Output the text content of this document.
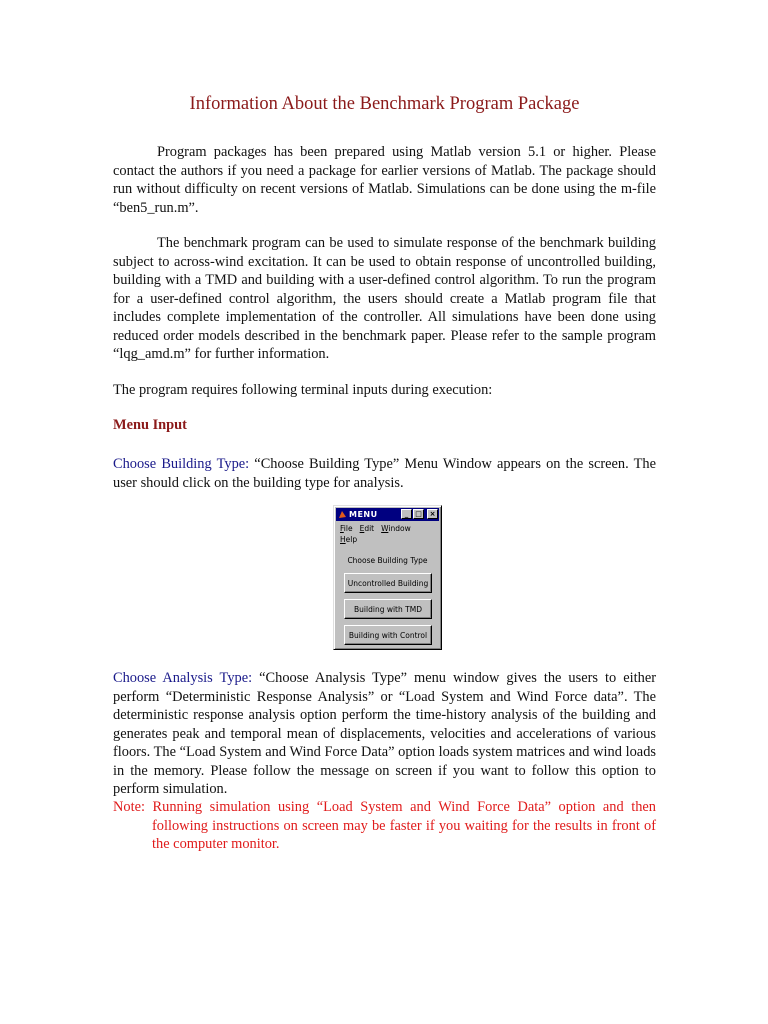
Information About the Benchmark Program Package

Program packages has been prepared using Matlab version 5.1 or higher. Please contact the authors if you need a package for earlier versions of Matlab. The package should run without difficulty on recent versions of Matlab. Simulations can be done using the m-file “ben5_run.m”.

The benchmark program can be used to simulate response of the benchmark building subject to across-wind excitation. It can be used to obtain response of uncontrolled building, building with a TMD and building with a user-defined control algorithm. To run the program for a user-defined control algorithm, the users should create a Matlab program file that includes complete implementation of the controller. All simulations have been done using reduced order models described in the benchmark paper. Please refer to the sample program “lqg_amd.m” for further information.

The program requires following terminal inputs during execution:

Menu Input

Choose Building Type: “Choose Building Type” Menu Window appears on the screen. The user should click on the building type for analysis.

Choose Analysis Type: “Choose Analysis Type” menu window gives the users to either perform “Deterministic Response Analysis” or “Load System and Wind Force data”. The deterministic response analysis option perform the time-history analysis of the building and generates peak and temporal mean of displacements, velocities and accelerations of various floors. The “Load System and Wind Force Data” option loads system matrices and wind loads in the memory. Please follow the message on screen if you want to follow this option to perform simulation.

Note: Running simulation using “Load System and Wind Force Data” option and then following instructions on screen may be faster if you waiting for the results in front of the computer monitor.

MENU	_ □	×
File Edit WindowHelp
Choose Building Type
Uncontrolled Building
Building with TMD
Building with Control
